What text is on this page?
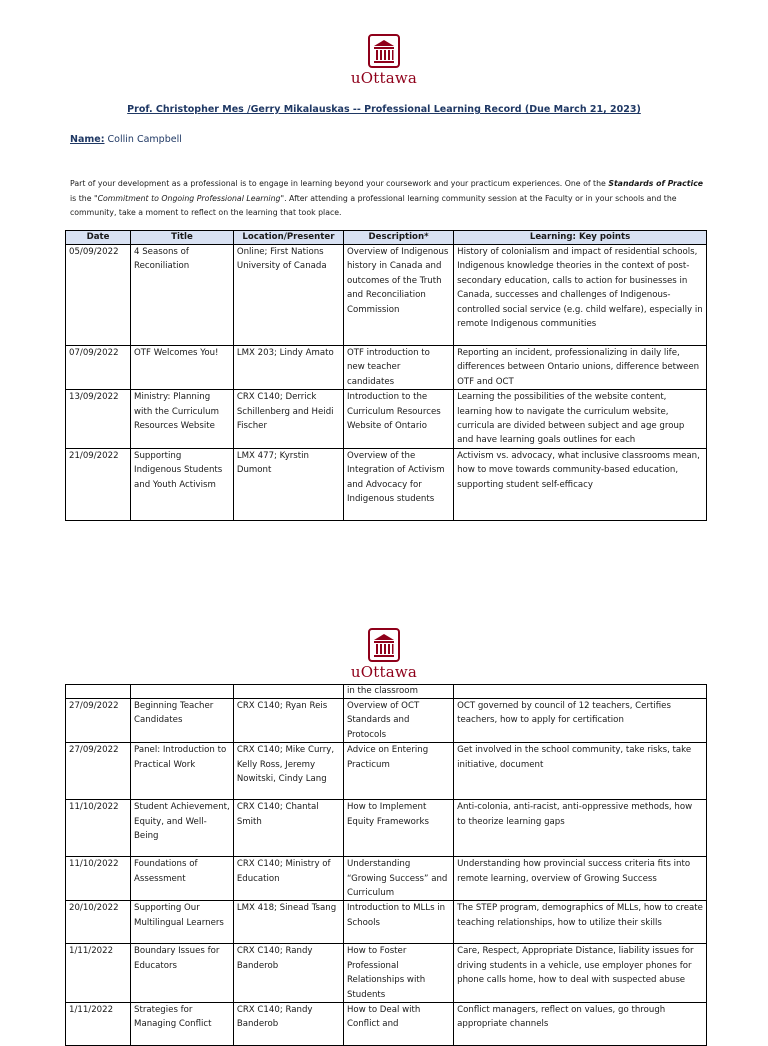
uOttawa
Prof. Christopher Mes /Gerry Mikalauskas -- Professional Learning Record (Due March 21, 2023)
Name: Collin Campbell
Part of your development as a professional is to engage in learning beyond your coursework and your practicum experiences. One of the Standards of Practice is the "Commitment to Ongoing Professional Learning". After attending a professional learning community session at the Faculty or in your schools and the community, take a moment to reflect on the learning that took place.
Date	Title	Location/Presenter	Description*	Learning: Key points
05/09/2022	4 Seasons of Reconiliation	Online; First Nations University of Canada	Overview of Indigenous history in Canada and outcomes of the Truth and Reconciliation Commission	History of colonialism and impact of residential schools, Indigenous knowledge theories in the context of post-secondary education, calls to action for businesses in Canada, successes and challenges of Indigenous-controlled social service (e.g. child welfare), especially in remote Indigenous communities
07/09/2022	OTF Welcomes You!	LMX 203; Lindy Amato	OTF introduction to new teacher candidates	Reporting an incident, professionalizing in daily life, differences between Ontario unions, difference between OTF and OCT
13/09/2022	Ministry: Planning with the Curriculum Resources Website	CRX C140; Derrick Schillenberg and Heidi Fischer	Introduction to the Curriculum Resources Website of Ontario	Learning the possibilities of the website content, learning how to navigate the curriculum website, curricula are divided between subject and age group and have learning goals outlines for each
21/09/2022	Supporting Indigenous Students and Youth Activism	LMX 477; Kyrstin Dumont	Overview of the Integration of Activism and Advocacy for Indigenous students	Activism vs. advocacy, what inclusive classrooms mean, how to move towards community-based education, supporting student self-efficacy
uOttawa
			in the classroom	
27/09/2022	Beginning Teacher Candidates	CRX C140; Ryan Reis	Overview of OCT Standards and Protocols	OCT governed by council of 12 teachers, Certifies teachers, how to apply for certification
27/09/2022	Panel: Introduction to Practical Work	CRX C140; Mike Curry, Kelly Ross, Jeremy Nowitski, Cindy Lang	Advice on Entering Practicum	Get involved in the school community, take risks, take initiative, document
11/10/2022	Student Achievement, Equity, and Well-Being	CRX C140; Chantal Smith	How to Implement Equity Frameworks	Anti-colonia, anti-racist, anti-oppressive methods, how to theorize learning gaps
11/10/2022	Foundations of Assessment	CRX C140; Ministry of Education	Understanding “Growing Success” and Curriculum	Understanding how provincial success criteria fits into remote learning, overview of Growing Success
20/10/2022	Supporting Our Multilingual Learners	LMX 418; Sinead Tsang	Introduction to MLLs in Schools	The STEP program, demographics of MLLs, how to create teaching relationships, how to utilize their skills
1/11/2022	Boundary Issues for Educators	CRX C140; Randy Banderob	How to Foster Professional Relationships with Students	Care, Respect, Appropriate Distance, liability issues for driving students in a vehicle, use employer phones for phone calls home, how to deal with suspected abuse
1/11/2022	Strategies for Managing Conflict	CRX C140; Randy Banderob	How to Deal with Conflict and	Conflict managers, reflect on values, go through appropriate channels
